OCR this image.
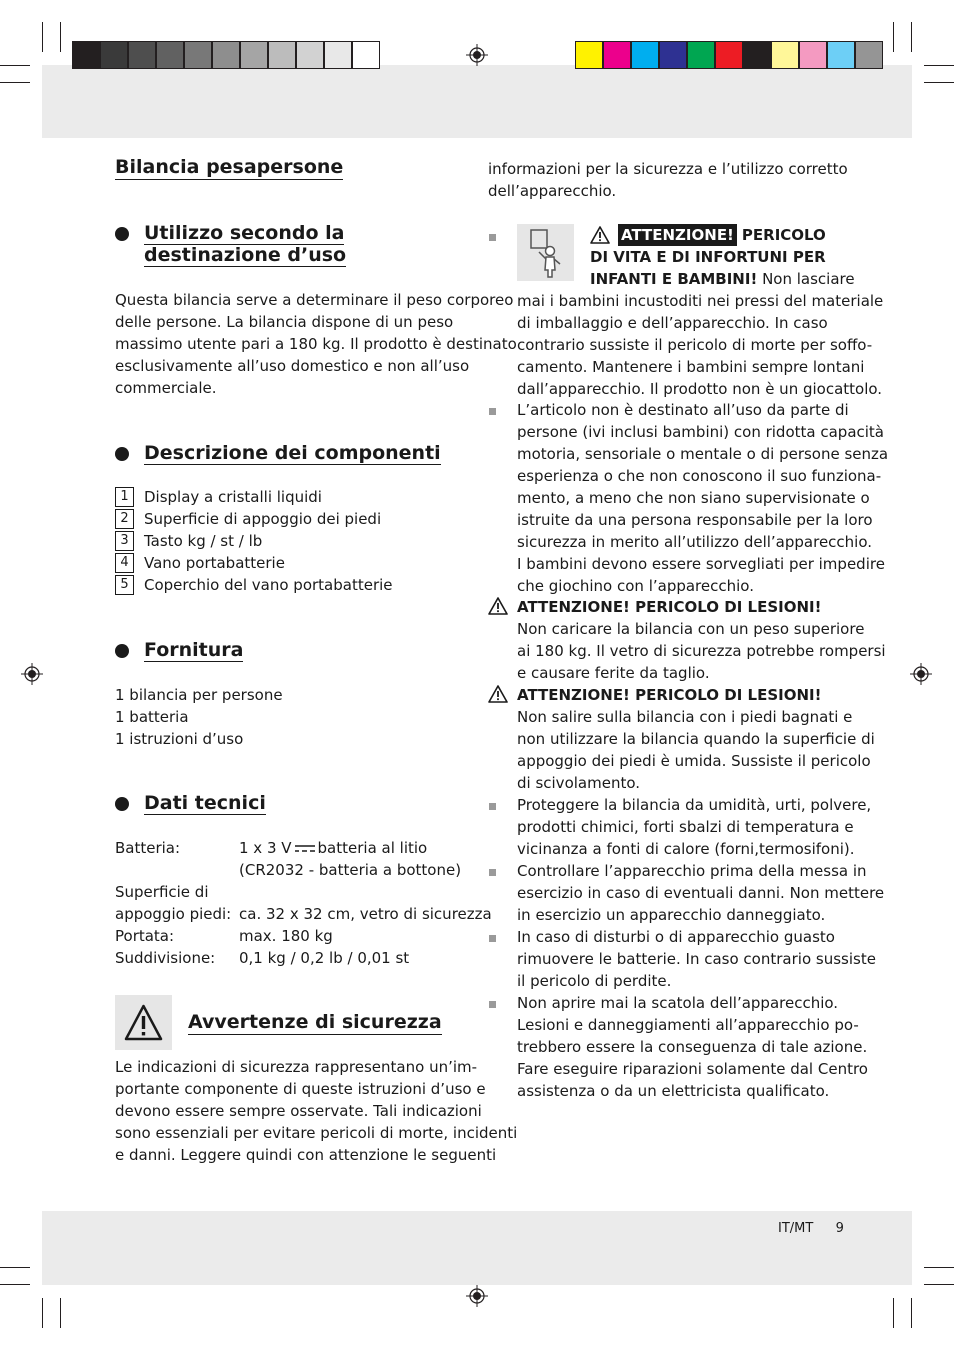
Bilancia pesapersone
Utilizzo secondo la
destinazione d’uso
Questa bilancia serve a determinare il peso corporeo
delle persone. La bilancia dispone di un peso
massimo utente pari a 180 kg. Il prodotto è destinato
esclusivamente all’uso domestico e non all’uso
commerciale.
Descrizione dei componenti
1	Display a cristalli liquidi
2	Superficie di appoggio dei piedi
3	Tasto kg / st / lb
4	Vano portabatterie
5	Coperchio del vano portabatterie
Fornitura
1 bilancia per persone
1 batteria
1 istruzioni d’uso
Dati tecnici
Batteria:	1 x 3 V batteria al litio
(CR2032 - batteria a bottone)
Superficie di
appoggio piedi: ca. 32 x 32 cm, vetro di sicurezza
Portata:	max. 180 kg
Suddivisione: 0,1 kg / 0,2 lb / 0,01 st
Avvertenze di sicurezza
Le indicazioni di sicurezza rappresentano un’im-
portante componente di queste istruzioni d’uso e
devono essere sempre osservate. Tali indicazioni
sono essenziali per evitare pericoli di morte, incidenti
e danni. Leggere quindi con attenzione le seguenti
informazioni per la sicurezza e l’utilizzo corretto
dell’apparecchio.
ATTENZIONE! PERICOLO
DI VITA E DI INFORTUNI PER
INFANTI E BAMBINI! Non lasciare
mai i bambini incustoditi nei pressi del materiale
di imballaggio e dell’apparecchio. In caso
contrario sussiste il pericolo di morte per soffo-
camento. Mantenere i bambini sempre lontani
dall’apparecchio. Il prodotto non è un giocattolo.
L’articolo non è destinato all’uso da parte di
persone (ivi inclusi bambini) con ridotta capacità
motoria, sensoriale o mentale o di persone senza
esperienza o che non conoscono il suo funziona-
mento, a meno che non siano supervisionate o
istruite da una persona responsabile per la loro
sicurezza in merito all’utilizzo dell’apparecchio.
I bambini devono essere sorvegliati per impedire
che giochino con l’apparecchio.
ATTENZIONE! PERICOLO DI LESIONI!
Non caricare la bilancia con un peso superiore
ai 180 kg. Il vetro di sicurezza potrebbe rompersi
e causare ferite da taglio.
ATTENZIONE! PERICOLO DI LESIONI!
Non salire sulla bilancia con i piedi bagnati e
non utilizzare la bilancia quando la superficie di
appoggio dei piedi è umida. Sussiste il pericolo
di scivolamento.
Proteggere la bilancia da umidità, urti, polvere,
prodotti chimici, forti sbalzi di temperatura e
vicinanza a fonti di calore (forni,termosifoni).
Controllare l’apparecchio prima della messa in
esercizio in caso di eventuali danni. Non mettere
in esercizio un apparecchio danneggiato.
In caso di disturbi o di apparecchio guasto
rimuovere le batterie. In caso contrario sussiste
il pericolo di perdite.
Non aprire mai la scatola dell’apparecchio.
Lesioni e danneggiamenti all’apparecchio po-
trebbero essere la conseguenza di tale azione.
Fare eseguire riparazioni solamente dal Centro
assistenza o da un elettricista qualificato.
IT/MT 9
